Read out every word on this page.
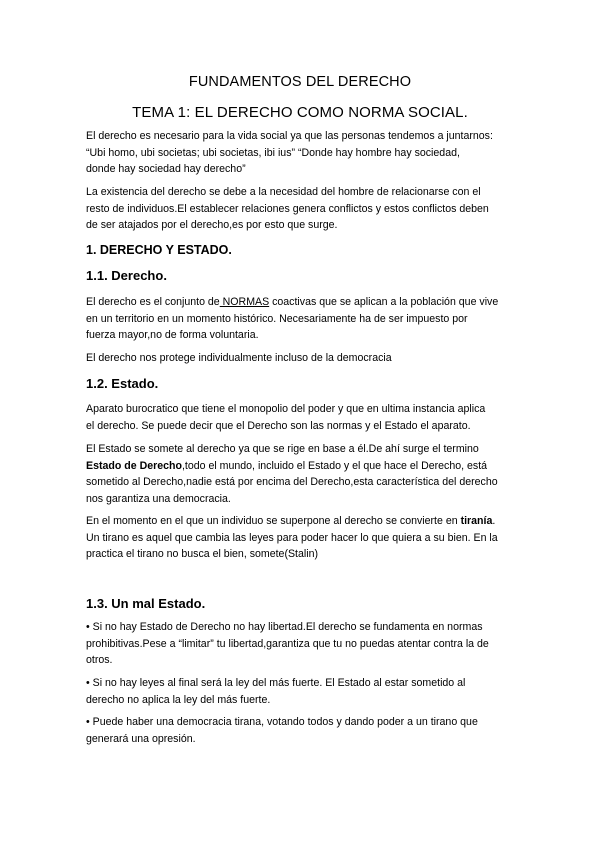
FUNDAMENTOS DEL DERECHO
TEMA 1: EL DERECHO COMO NORMA SOCIAL.
El derecho es necesario para la vida social ya que las personas tendemos a juntarnos:
“Ubi homo, ubi societas; ubi societas, ibi ius” “Donde hay hombre hay sociedad,
donde hay sociedad hay derecho”
La existencia del derecho se debe a la necesidad del hombre de relacionarse con el
resto de individuos.El establecer relaciones genera conflictos y estos conflictos deben
de ser atajados por el derecho,es por esto que surge.
1. DERECHO Y ESTADO.
1.1. Derecho.
El derecho es el conjunto de NORMAS coactivas que se aplican a la población que vive
en un territorio en un momento histórico. Necesariamente ha de ser impuesto por
fuerza mayor,no de forma voluntaria.
El derecho nos protege individualmente incluso de la democracia
1.2. Estado.
Aparato burocratico que tiene el monopolio del poder y que en ultima instancia aplica
el derecho. Se puede decir que el Derecho son las normas y el Estado el aparato.
El Estado se somete al derecho ya que se rige en base a él.De ahí surge el termino
Estado de Derecho,todo el mundo, incluido el Estado y el que hace el Derecho, está
sometido al Derecho,nadie está por encima del Derecho,esta característica del derecho
nos garantiza una democracia.
En el momento en el que un individuo se superpone al derecho se convierte en tiranía.
Un tirano es aquel que cambia las leyes para poder hacer lo que quiera a su bien. En la
practica el tirano no busca el bien, somete(Stalin)
1.3. Un mal Estado.
• Si no hay Estado de Derecho no hay libertad.El derecho se fundamenta en normas
prohibitivas.Pese a “limitar” tu libertad,garantiza que tu no puedas atentar contra la de
otros.
• Si no hay leyes al final será la ley del más fuerte. El Estado al estar sometido al
derecho no aplica la ley del más fuerte.
• Puede haber una democracia tirana, votando todos y dando poder a un tirano que
generará una opresión.
